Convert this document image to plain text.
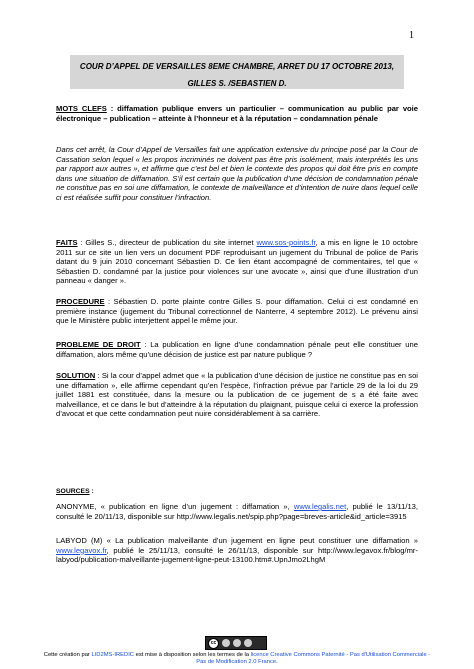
1
COUR D’APPEL DE VERSAILLES 8EME CHAMBRE, ARRET DU 17 OCTOBRE 2013,
GILLES S. /SEBASTIEN D.
MOTS CLEFS : diffamation publique envers un particulier – communication au public par voie électronique – publication – atteinte à l’honneur et à la réputation – condamnation pénale
Dans cet arrêt, la Cour d’Appel de Versailles fait une application extensive du principe posé par la Cour de Cassation selon lequel « les propos incriminés ne doivent pas être pris isolément, mais interprétés les uns par rapport aux autres », et affirme que c’est bel et bien le contexte des propos qui doit être pris en compte dans une situation de diffamation. S’il est certain que la publication d’une décision de condamnation pénale ne constitue pas en soi une diffamation, le contexte de malveillance et d’intention de nuire dans lequel celle ci est réalisée suffit pour constituer l’infraction.
FAITS : Gilles S., directeur de publication du site internet www.sos-points.fr, a mis en ligne le 10 octobre 2011 sur ce site un lien vers un document PDF reproduisant un jugement du Tribunal de police de Paris datant du 9 juin 2010 concernant Sébastien D. Ce lien étant accompagné de commentaires, tel que « Sébastien D. condamné par la justice pour violences sur une avocate », ainsi que d’une illustration d’un panneau « danger ».
PROCEDURE : Sébastien D. porte plainte contre Gilles S. pour diffamation. Celui ci est condamné en première instance (jugement du Tribunal correctionnel de Nanterre, 4 septembre 2012). Le prévenu ainsi que le Ministère public interjettent appel le même jour.
PROBLEME DE DROIT : La publication en ligne d’une condamnation pénale peut elle constituer une diffamation, alors même qu’une décision de justice est par nature publique ?
SOLUTION : Si la cour d’appel admet que « la publication d’une décision de justice ne constitue pas en soi une diffamation », elle affirme cependant qu’en l’espèce, l’infraction prévue par l’article 29 de la loi du 29 juillet 1881 est constituée, dans la mesure ou la publication de ce jugement de s a été faite avec malveillance, et ce dans le but d’atteindre à la réputation du plaignant, puisque celui ci exerce la profession d’avocat et que cette condamnation peut nuire considérablement à sa carrière.
SOURCES :
ANONYME, « publication en ligne d’un jugement : diffamation », www.legalis.net, publié le 13/11/13, consulté le 20/11/13, disponible sur http://www.legalis.net/spip.php?page=breves-article&id_article=3915
LABYOD (M) « La publication malveillante d’un jugement en ligne peut constituer une diffamation » www.legavox.fr, publié le 25/11/13, consulté le 26/11/13, disponible sur http://www.legavox.fr/blog/mr-labyod/publication-malveillante-jugement-ligne-peut-13100.htm#.UpnJmo2LhgM
cc
Cette création par LID2MS-IREDIC est mise à disposition selon les termes de la licence Creative Commons Paternité - Pas d'Utilisation Commerciale - Pas de Modification 2.0 France.
